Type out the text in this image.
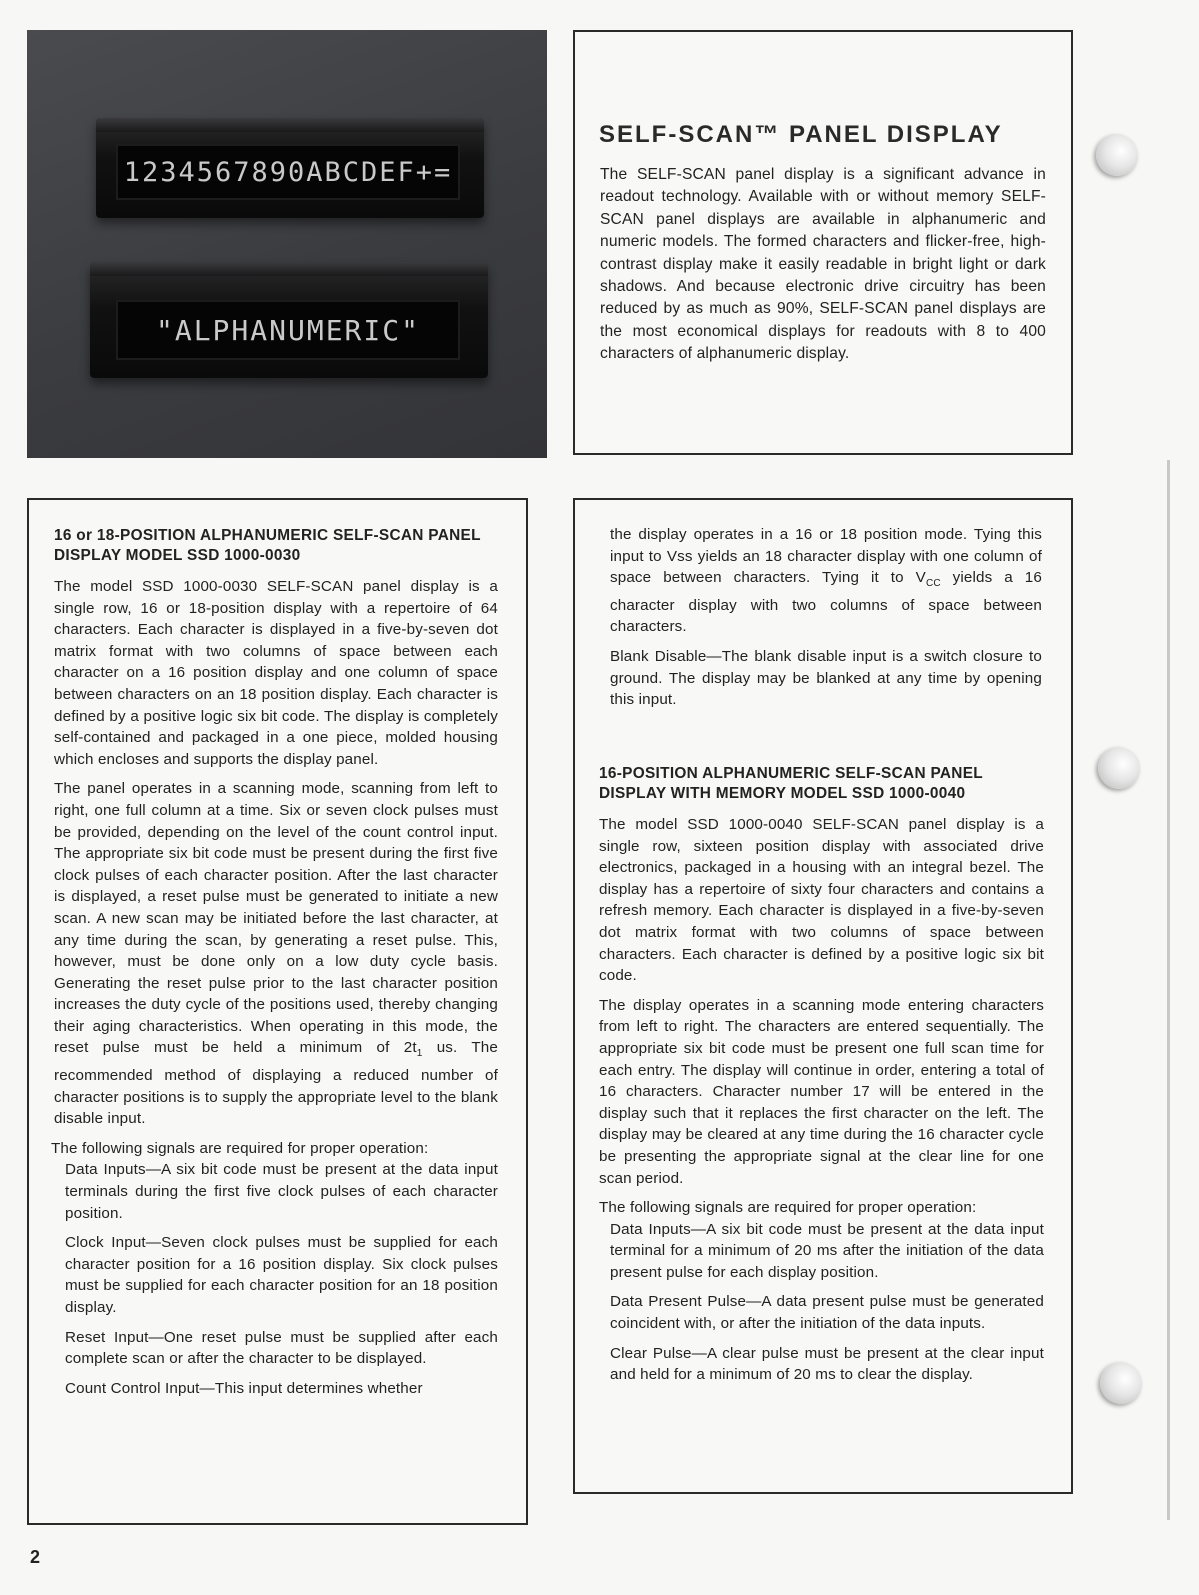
1234567890ABCDEF+=
"ALPHANUMERIC"
SELF-SCAN™ PANEL DISPLAY

The SELF-SCAN panel display is a significant advance in readout technology. Available with or without memory SELF-SCAN panel displays are available in alphanumeric and numeric models. The formed characters and flicker-free, high-contrast display make it easily readable in bright light or dark shadows. And because electronic drive circuitry has been reduced by as much as 90%, SELF-SCAN panel displays are the most economical displays for readouts with 8 to 400 characters of alphanumeric display.

16 or 18-POSITION ALPHANUMERIC SELF-SCAN PANEL DISPLAY MODEL SSD 1000-0030

The model SSD 1000-0030 SELF-SCAN panel display is a single row, 16 or 18-position display with a repertoire of 64 characters. Each character is displayed in a five-by-seven dot matrix format with two columns of space between each character on a 16 position display and one column of space between characters on an 18 position display. Each character is defined by a positive logic six bit code. The display is completely self-contained and packaged in a one piece, molded housing which encloses and supports the display panel.

The panel operates in a scanning mode, scanning from left to right, one full column at a time. Six or seven clock pulses must be provided, depending on the level of the count control input. The appropriate six bit code must be present during the first five clock pulses of each character position. After the last character is displayed, a reset pulse must be generated to initiate a new scan. A new scan may be initiated before the last character, at any time during the scan, by generating a reset pulse. This, however, must be done only on a low duty cycle basis. Generating the reset pulse prior to the last character position increases the duty cycle of the positions used, thereby changing their aging characteristics. When operating in this mode, the reset pulse must be held a minimum of $2t_1$ us. The recommended method of displaying a reduced number of character positions is to supply the appropriate level to the blank disable input.

The following signals are required for proper operation:

Data Inputs—A six bit code must be present at the data input terminals during the first five clock pulses of each character position.

Clock Input—Seven clock pulses must be supplied for each character position for a 16 position display. Six clock pulses must be supplied for each character position for an 18 position display.

Reset Input—One reset pulse must be supplied after each complete scan or after the character to be displayed.

Count Control Input—This input determines whether

the display operates in a 16 or 18 position mode. Tying this input to Vss yields an 18 character display with one column of space between characters. Tying it to $V_{CC}$ yields a 16 character display with two columns of space between characters.

Blank Disable—The blank disable input is a switch closure to ground. The display may be blanked at any time by opening this input.

16-POSITION ALPHANUMERIC SELF-SCAN PANEL DISPLAY WITH MEMORY MODEL SSD 1000-0040

The model SSD 1000-0040 SELF-SCAN panel display is a single row, sixteen position display with associated drive electronics, packaged in a housing with an integral bezel. The display has a repertoire of sixty four characters and contains a refresh memory. Each character is displayed in a five-by-seven dot matrix format with two columns of space between characters. Each character is defined by a positive logic six bit code.

The display operates in a scanning mode entering characters from left to right. The characters are entered sequentially. The appropriate six bit code must be present one full scan time for each entry. The display will continue in order, entering a total of 16 characters. Character number 17 will be entered in the display such that it replaces the first character on the left. The display may be cleared at any time during the 16 character cycle be presenting the appropriate signal at the clear line for one scan period.

The following signals are required for proper operation:

Data Inputs—A six bit code must be present at the data input terminal for a minimum of 20 ms after the initiation of the data present pulse for each display position.

Data Present Pulse—A data present pulse must be generated coincident with, or after the initiation of the data inputs.

Clear Pulse—A clear pulse must be present at the clear input and held for a minimum of 20 ms to clear the display.

2
